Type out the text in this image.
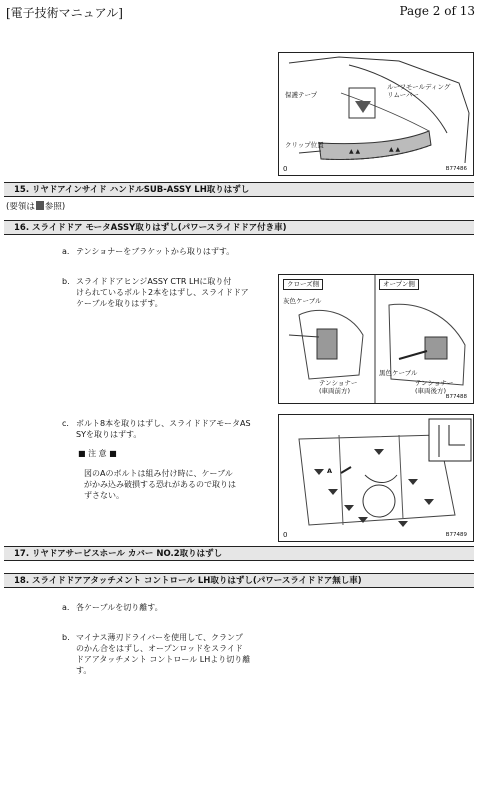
[電子技術マニュアル]	Page 2 of 13
▲ ▲	▲ ▲
保護テープ
ルーフモールディング
リムーバー
クリップ位置
0	B77486
15. リヤドアインサイド ハンドルSUB-ASSY LH取りはずし
(要領は 参照)
16. スライドドア モータASSY取りはずし(パワースライドドア付き車)
a. テンショナーをブラケットから取りはずす。
b. スライドドアヒンジASSY CTR LHに取り付
けられているボルト2本をはずし、スライドドア
ケーブルを取りはずす。
クローズ側	オープン側
灰色ケーブル
黒色ケーブル
テンショナー
(車両前方)
テンショナー
(車両後方)
B77488
c. ボルト8本を取りはずし、スライドドアモータAS
SYを取りはずす。
■ 注 意 ■
図のAのボルトは組み付け時に、ケーブル
がかみ込み破損する恐れがあるので取りは
ずさない。
A
0	B77489
17. リヤドアサービスホール カバー NO.2取りはずし
18. スライドドアアタッチメント コントロール LH取りはずし(パワースライドドア無し車)
a. 各ケーブルを切り離す。
b. マイナス薄刃ドライバーを使用して、クランプ
のかん合をはずし、オープンロッドをスライド
ドアアタッチメント コントロール LHより切り離
す。
